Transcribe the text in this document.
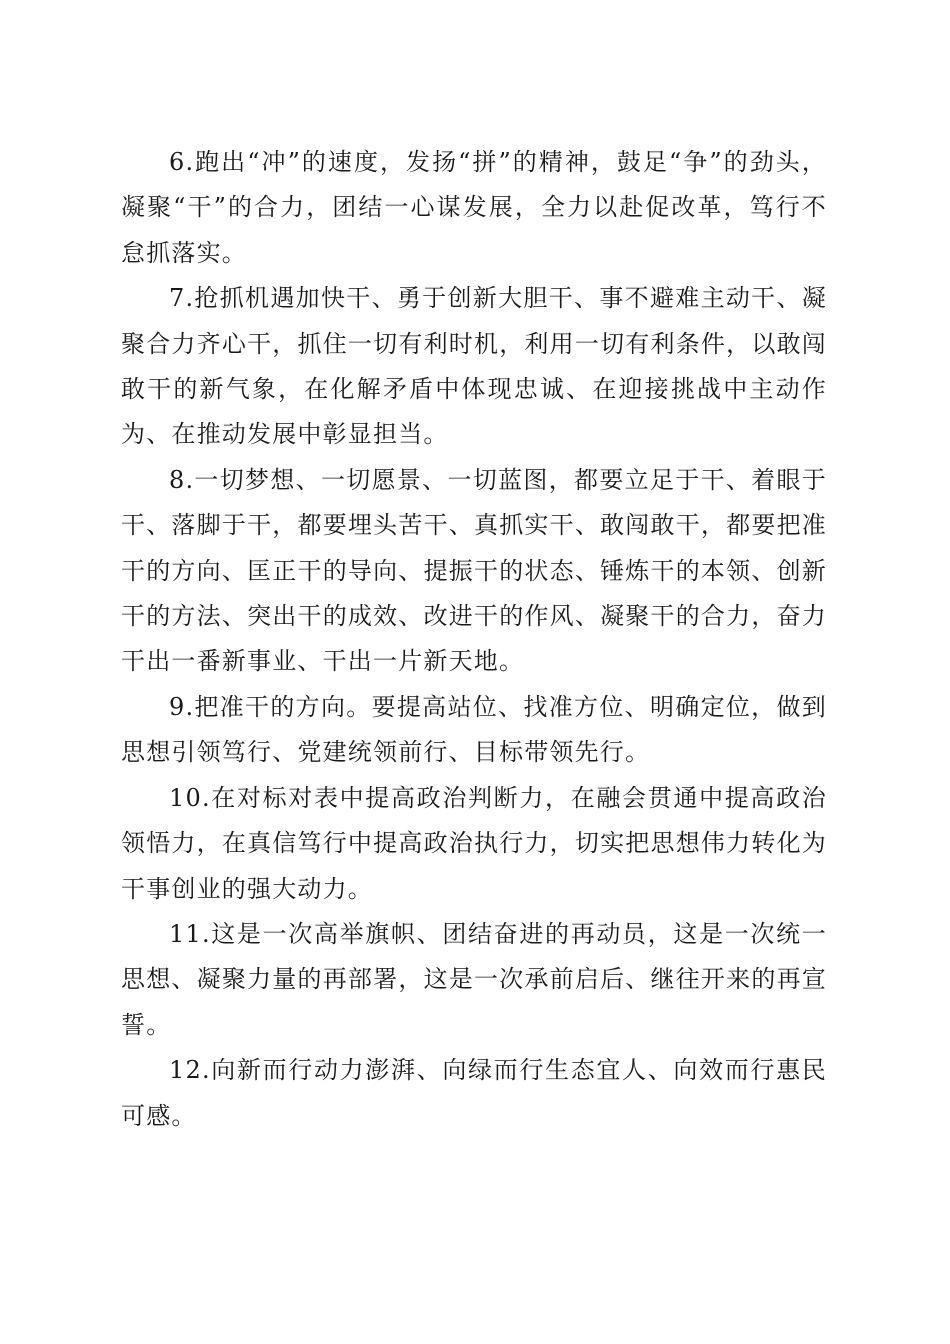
6.跑出“冲”的速度，发扬“拼”的精神，鼓足“争”的劲头，凝聚“干”的合力，团结一心谋发展，全力以赴促改革，笃行不怠抓落实。

7.抢抓机遇加快干、勇于创新大胆干、事不避难主动干、凝聚合力齐心干，抓住一切有利时机，利用一切有利条件，以敢闯敢干的新气象，在化解矛盾中体现忠诚、在迎接挑战中主动作为、在推动发展中彰显担当。

8.一切梦想、一切愿景、一切蓝图，都要立足于干、着眼于干、落脚于干，都要埋头苦干、真抓实干、敢闯敢干，都要把准干的方向、匡正干的导向、提振干的状态、锤炼干的本领、创新干的方法、突出干的成效、改进干的作风、凝聚干的合力，奋力干出一番新事业、干出一片新天地。

9.把准干的方向。要提高站位、找准方位、明确定位，做到思想引领笃行、党建统领前行、目标带领先行。

10.在对标对表中提高政治判断力，在融会贯通中提高政治领悟力，在真信笃行中提高政治执行力，切实把思想伟力转化为干事创业的强大动力。

11.这是一次高举旗帜、团结奋进的再动员，这是一次统一思想、凝聚力量的再部署，这是一次承前启后、继往开来的再宣誓。

12.向新而行动力澎湃、向绿而行生态宜人、向效而行惠民可感。
